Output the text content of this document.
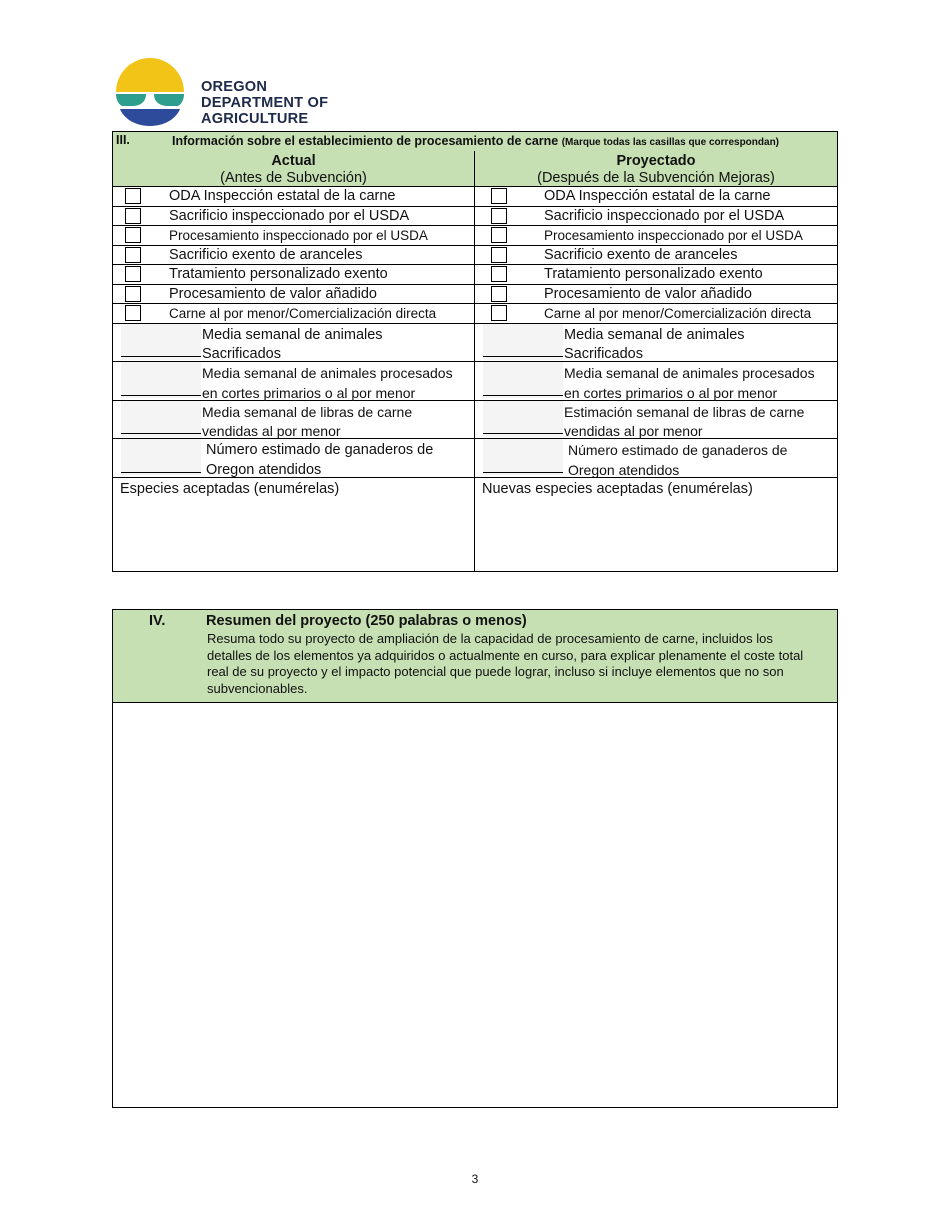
OREGON
DEPARTMENT OF
AGRICULTURE
III.	Información sobre el establecimiento de procesamiento de carne (Marque todas las casillas que correspondan)
Actual
(Antes de Subvención)
ODA Inspección estatal de la carne
Sacrificio inspeccionado por el USDA
Procesamiento inspeccionado por el USDA
Sacrificio exento de aranceles
Tratamiento personalizado exento
Procesamiento de valor añadido
Carne al por menor/Comercialización directa
Media semanal de animales
Sacrificados
Media semanal de animales procesados
en cortes primarios o al por menor
Media semanal de libras de carne
vendidas al por menor
Número estimado de ganaderos de
Oregon atendidos
Especies aceptadas (enumérelas)
Proyectado
(Después de la Subvención Mejoras)
ODA Inspección estatal de la carne
Sacrificio inspeccionado por el USDA
Procesamiento inspeccionado por el USDA
Sacrificio exento de aranceles
Tratamiento personalizado exento
Procesamiento de valor añadido
Carne al por menor/Comercialización directa
Media semanal de animales
Sacrificados
Media semanal de animales procesados
en cortes primarios o al por menor
Estimación semanal de libras de carne
vendidas al por menor
Número estimado de ganaderos de
Oregon atendidos
Nuevas especies aceptadas (enumérelas)
IV.	Resumen del proyecto (250 palabras o menos)
Resuma todo su proyecto de ampliación de la capacidad de procesamiento de carne, incluidos los detalles de los elementos ya adquiridos o actualmente en curso, para explicar plenamente el coste total real de su proyecto y el impacto potencial que puede lograr, incluso si incluye elementos que no son subvencionables.
3
